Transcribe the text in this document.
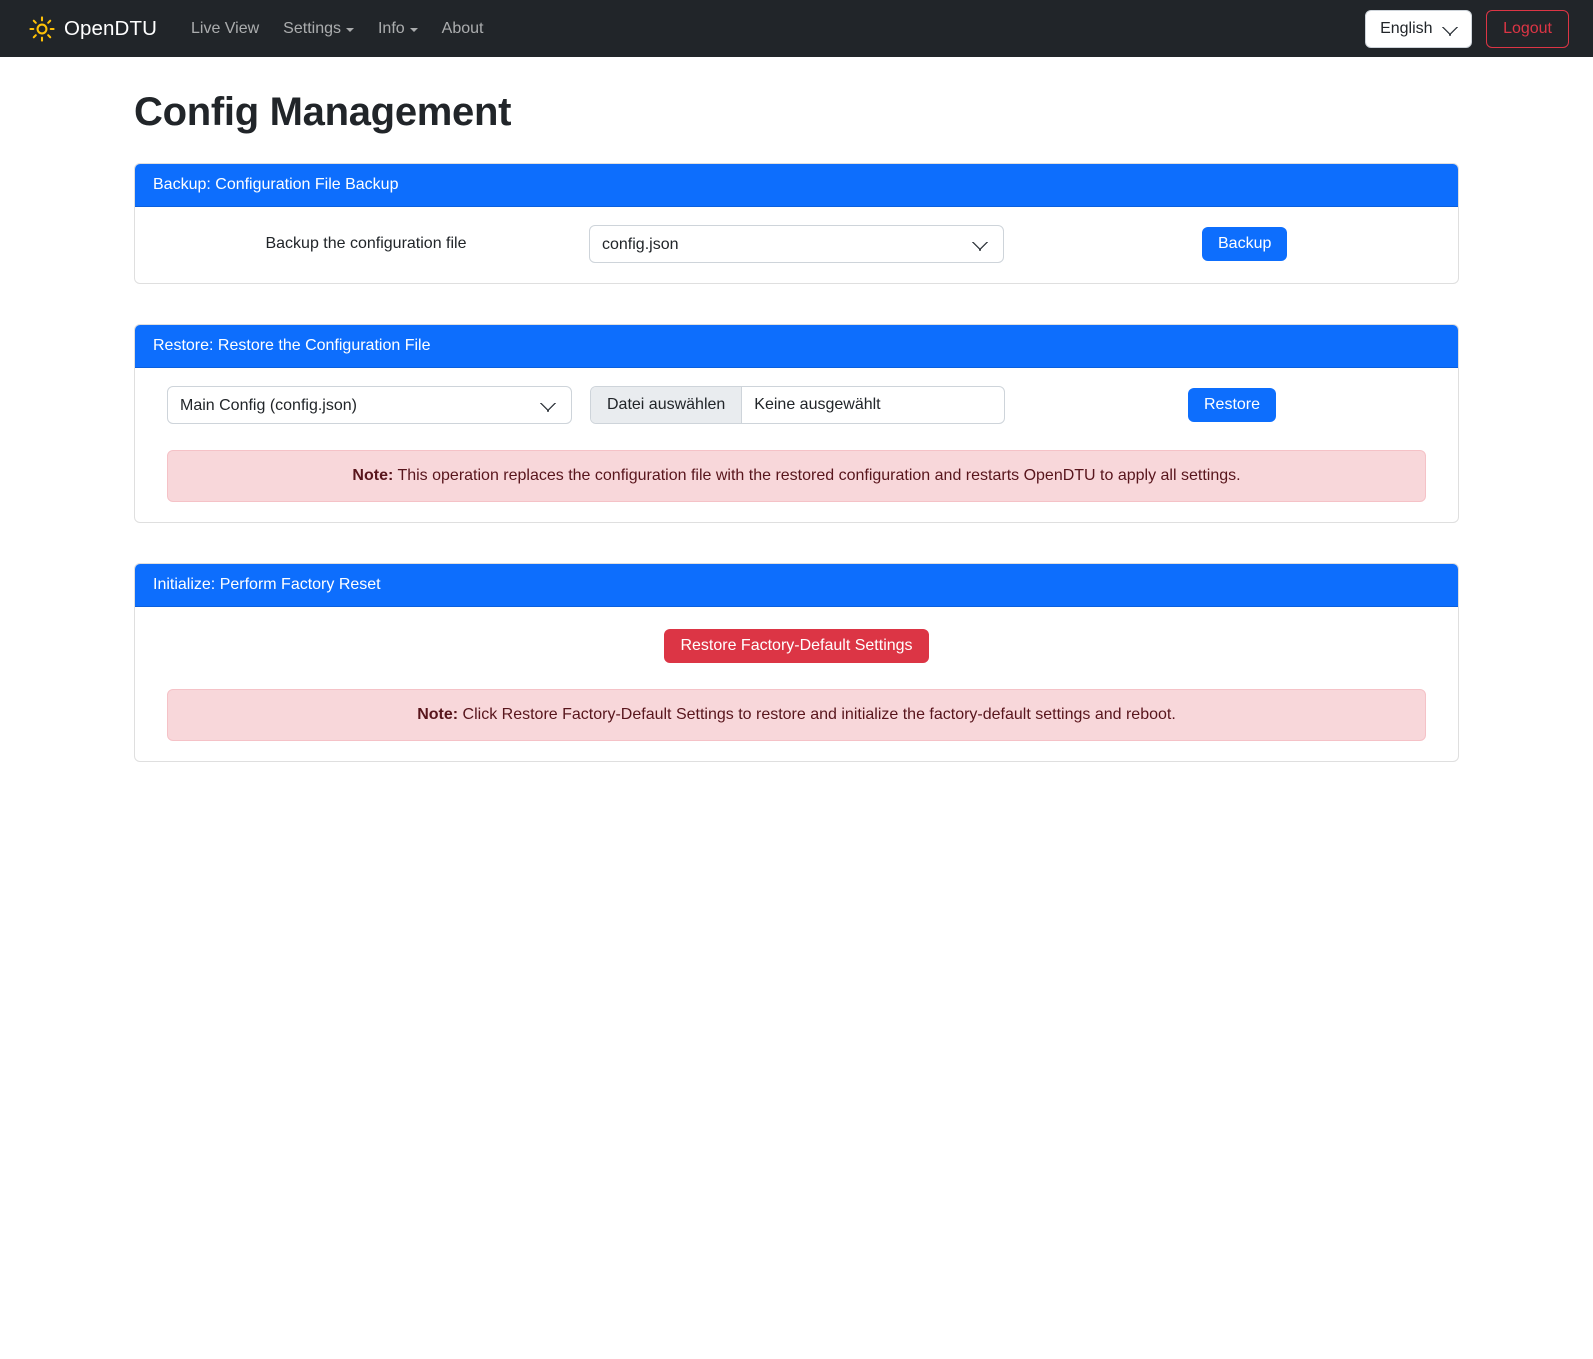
OpenDTU Live View Settings Info About
English	Logout
Config Management
Backup: Configuration File Backup
Backup the configuration file
config.json	Backup
Restore: Restore the Configuration File
Main Config (config.json)
Datei auswählen	Keine ausgewählt	Restore
Note: This operation replaces the configuration file with the restored configuration and restarts OpenDTU to apply all settings.
Initialize: Perform Factory Reset
Restore Factory-Default Settings
Note: Click Restore Factory-Default Settings to restore and initialize the factory-default settings and reboot.
